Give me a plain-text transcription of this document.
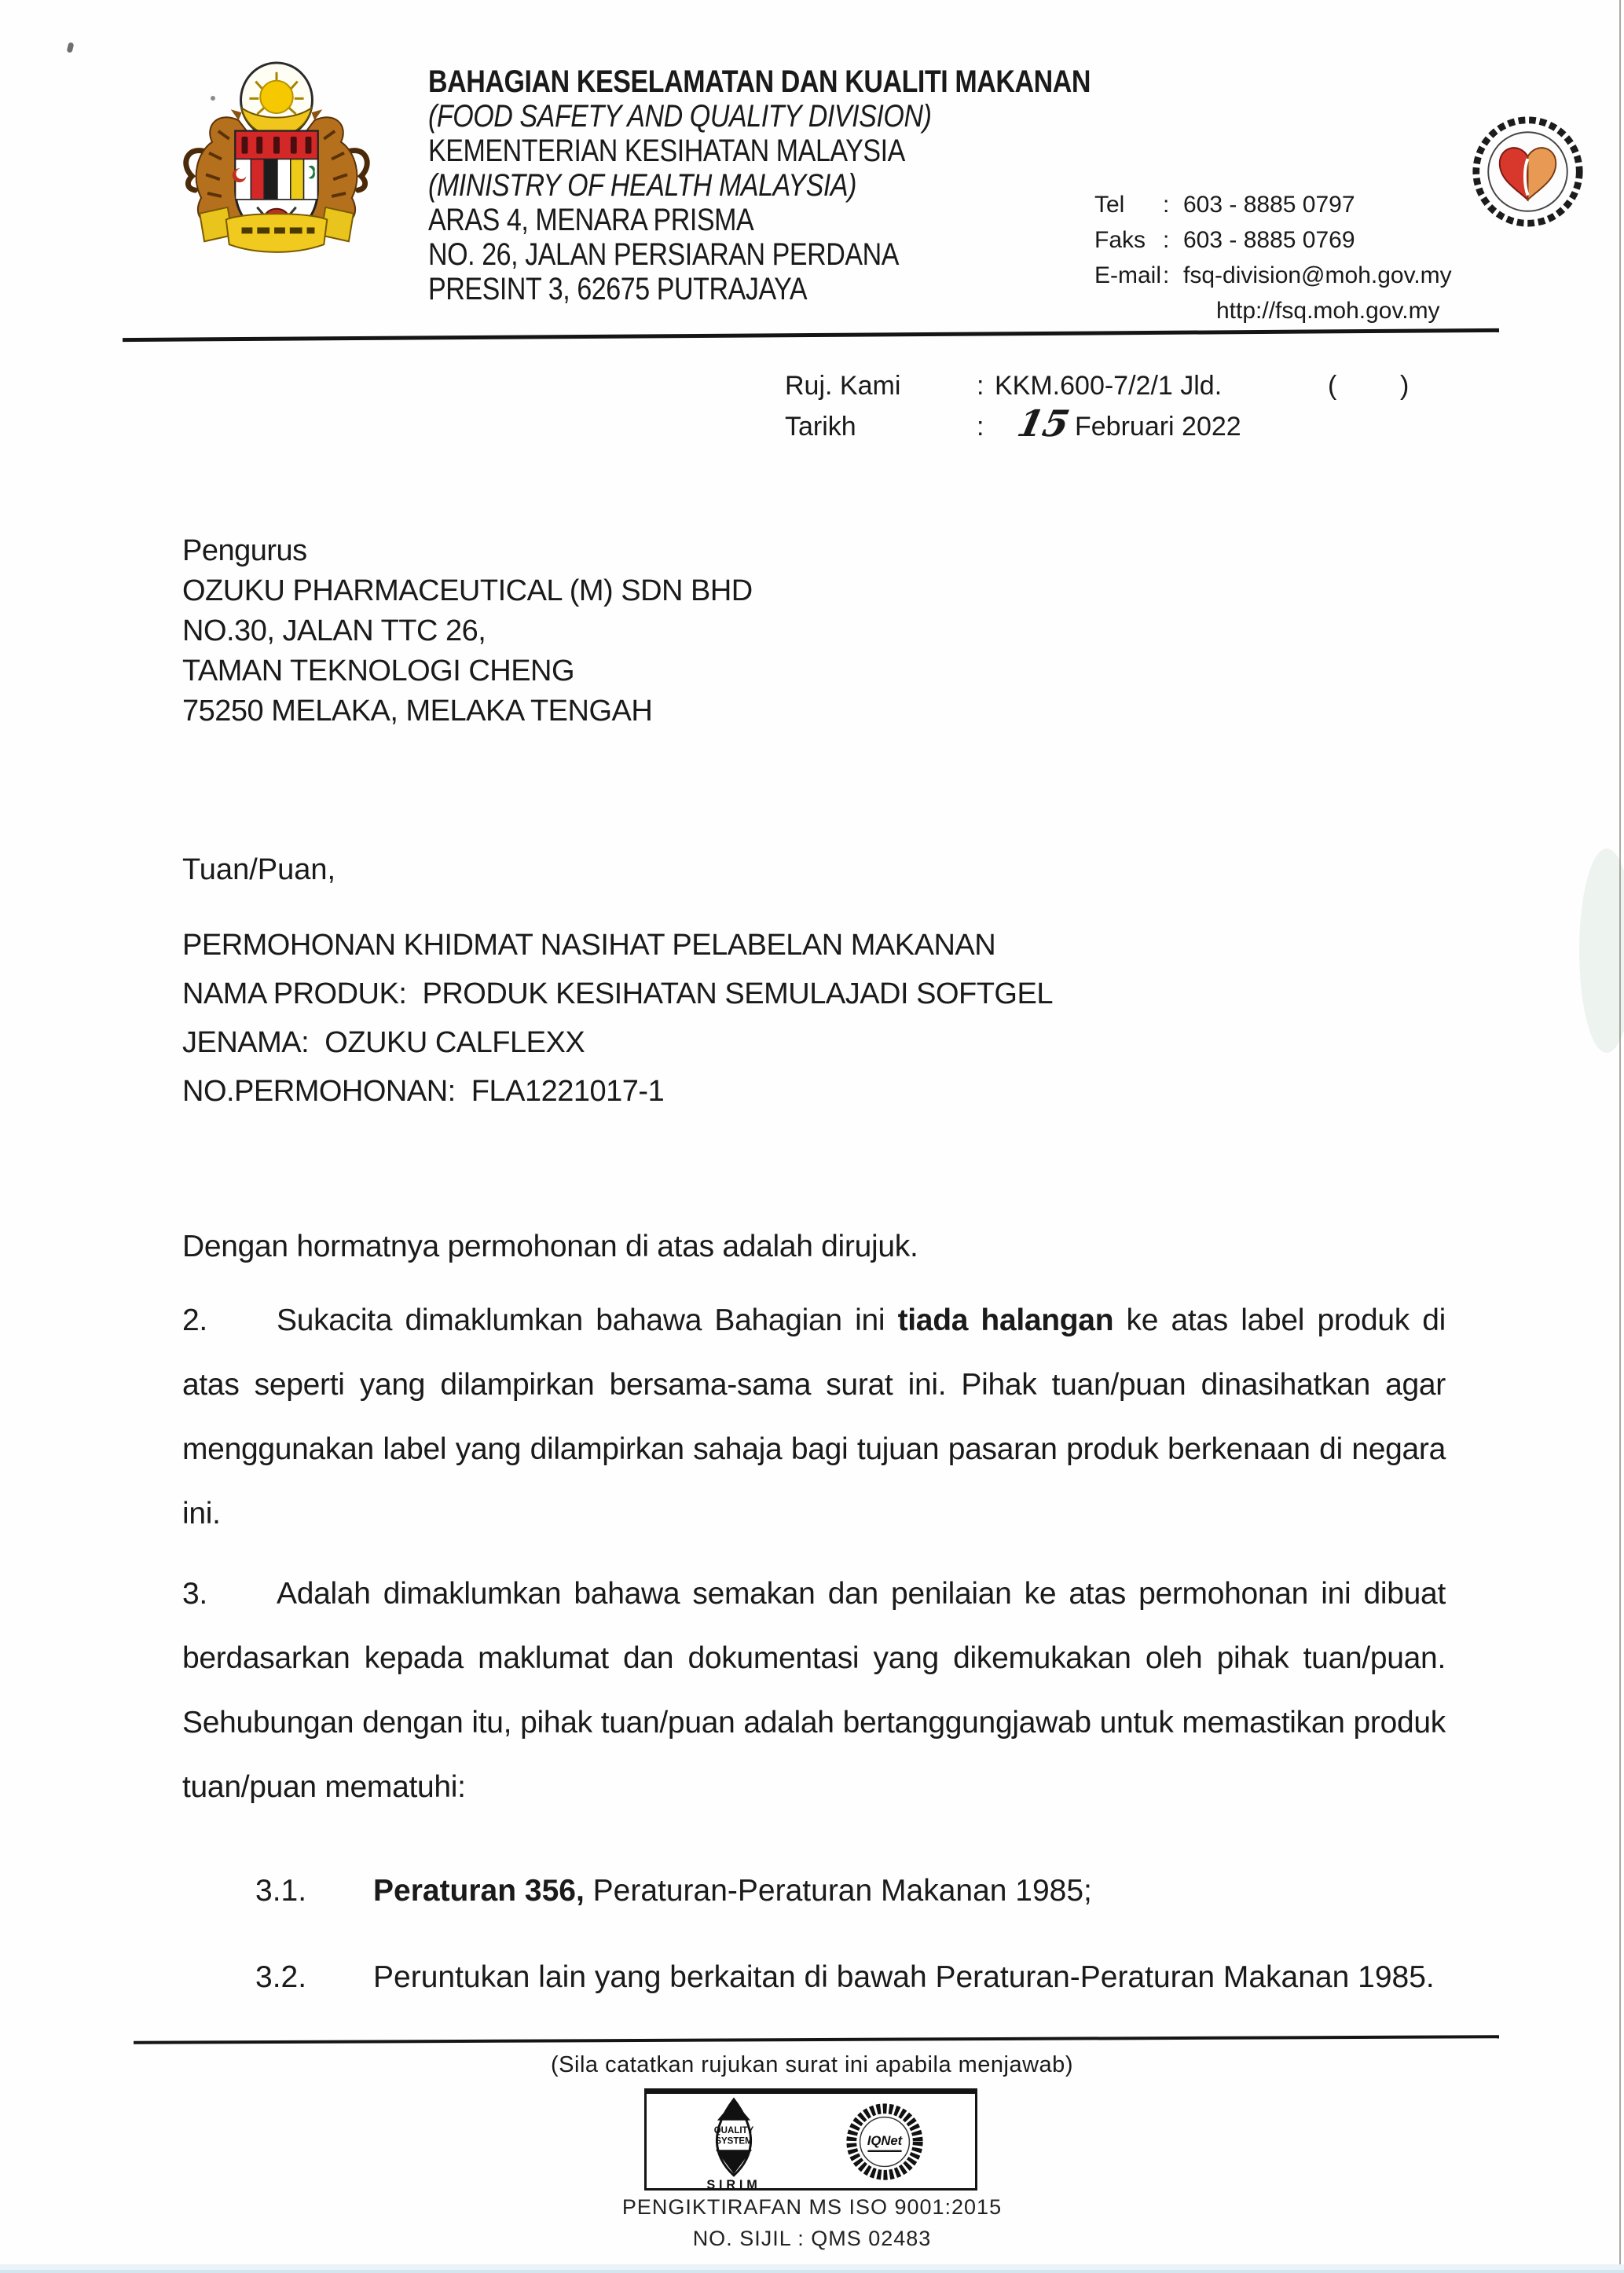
BAHAGIAN KESELAMATAN DAN KUALITI MAKANAN

(FOOD SAFETY AND QUALITY DIVISION)

KEMENTERIAN KESIHATAN MALAYSIA

(MINISTRY OF HEALTH MALAYSIA)

ARAS 4, MENARA PRISMA

NO. 26, JALAN PERSIARAN PERDANA

PRESINT 3, 62675 PUTRAJAYA

Tel	: 603 - 8885 0797
Faks : 603 - 8885 0769
E-mail : fsq-division@moh.gov.my
http://fsq.moh.gov.my
Ruj. Kami	: KKM.600-7/2/1 Jld.	( )
Tarikh	: 15 Februari 2022

Pengurus

OZUKU PHARMACEUTICAL (M) SDN BHD

NO.30, JALAN TTC 26,

TAMAN TEKNOLOGI CHENG

75250 MELAKA, MELAKA TENGAH

Tuan/Puan,

PERMOHONAN KHIDMAT NASIHAT PELABELAN MAKANAN

NAMA PRODUK:  PRODUK KESIHATAN SEMULAJADI SOFTGEL

JENAMA:  OZUKU CALFLEXX

NO.PERMOHONAN:  FLA1221017-1

Dengan hormatnya permohonan di atas adalah dirujuk.

2. Sukacita dimaklumkan bahawa Bahagian ini tiada halangan ke atas label produk di atas seperti yang dilampirkan bersama-sama surat ini. Pihak tuan/puan dinasihatkan agar menggunakan label yang dilampirkan sahaja bagi tujuan pasaran produk berkenaan di negara ini.
3. Adalah dimaklumkan bahawa semakan dan penilaian ke atas permohonan ini dibuat berdasarkan kepada maklumat dan dokumentasi yang dikemukakan oleh pihak tuan/puan. Sehubungan dengan itu, pihak tuan/puan adalah bertanggungjawab untuk memastikan produk tuan/puan mematuhi:
3.1. Peraturan 356, Peraturan-Peraturan Makanan 1985;
3.2. Peruntukan lain yang berkaitan di bawah Peraturan-Peraturan Makanan 1985.

(Sila catatkan rujukan surat ini apabila menjawab)

QUALITY
SYSTEM
SIRIM
IQNet

PENGIKTIRAFAN MS ISO 9001:2015

NO. SIJIL : QMS 02483
